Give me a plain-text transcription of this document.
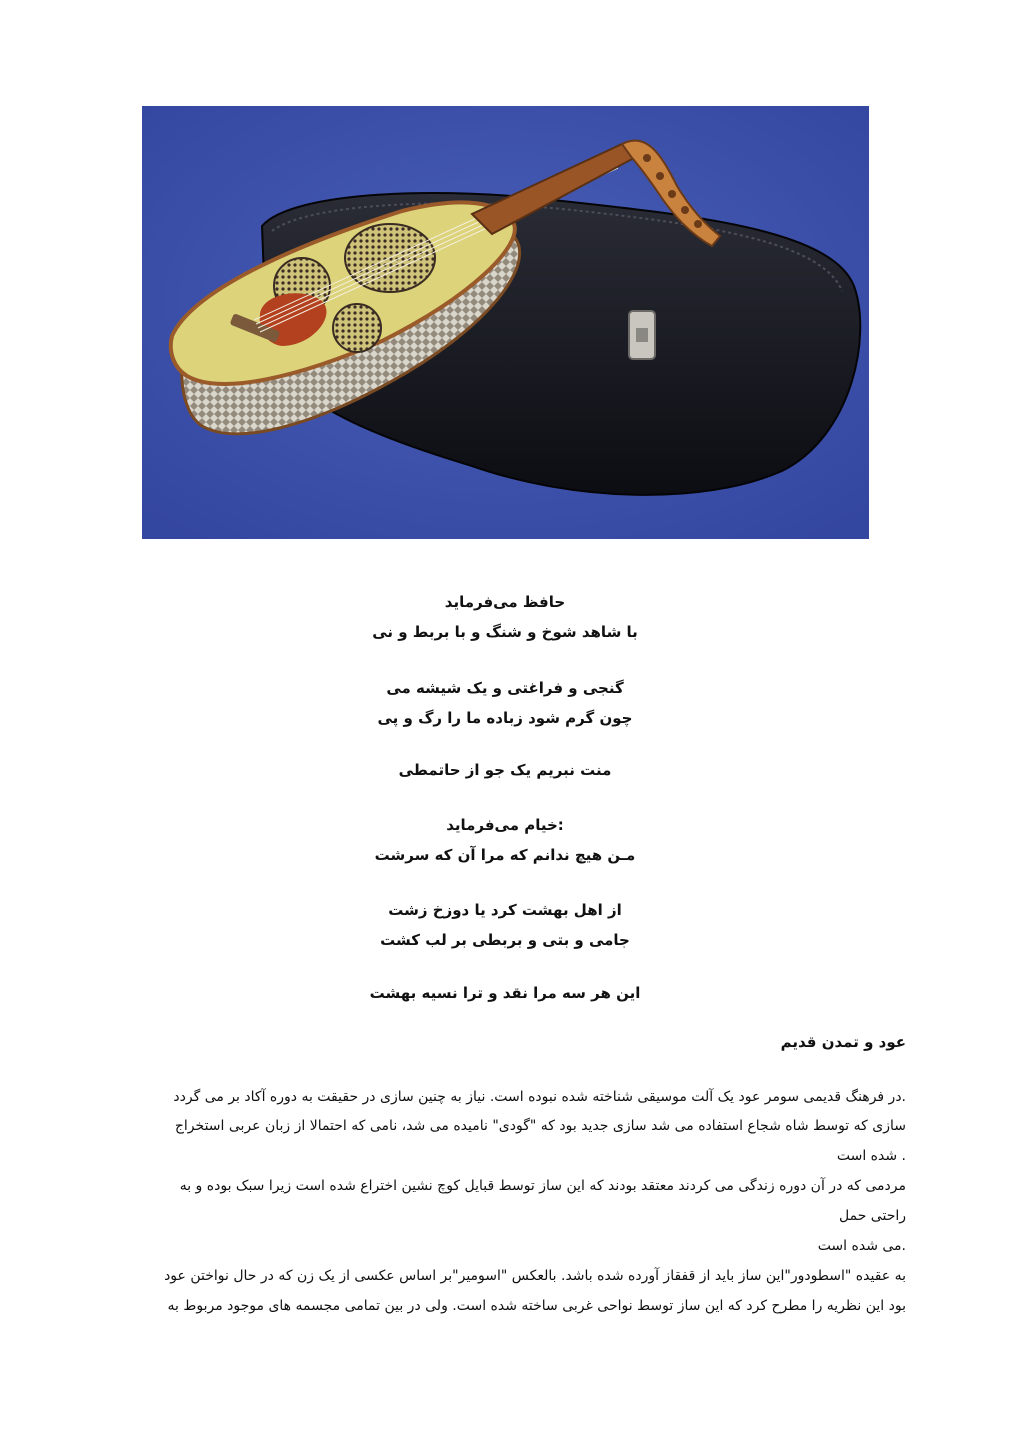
حافظ می‌فرماید
با شاهد شوخ و شنگ و با بربط و نی
گنجی و فراغتی و یک شیشه می
چون گرم شود زباده ما را رگ و پی
منت نبریم یک جو از حاتمطی
:خیام می‌فرماید
مـن هیچ ندانم که مرا آن که سرشت
از اهل بهشت کرد یا دوزخ زشت
جامی و بتی و بربطی بر لب کشت
این هر سه مرا نقد و ترا نسیه بهشت
عود و تمدن قدیم
.در فرهنگ قدیمی سومر عود یک آلت موسیقی شناخته شده نبوده است. نیاز به چنین سازی در حقیقت به دوره آکاد بر می گردد
سازی که توسط شاه شجاع استفاده می شد سازی جدید بود که "گودی" نامیده می شد، نامی که احتمالا از زبان عربی استخراج
. شده است
مردمی که در آن دوره زندگی می کردند معتقد بودند که این ساز توسط قبایل کوچ نشین اختراع شده است زیرا سبک بوده و به
راحتی حمل
.می شده است
به عقیده "اسطودور"این ساز باید از قفقاز آورده شده باشد. بالعکس "اسومیر"بر اساس عکسی از یک زن که در حال نواختن عود
بود این نظریه را مطرح کرد که این ساز توسط نواحی غربی ساخته شده است. ولی در بین تمامی مجسمه های موجود مربوط به
